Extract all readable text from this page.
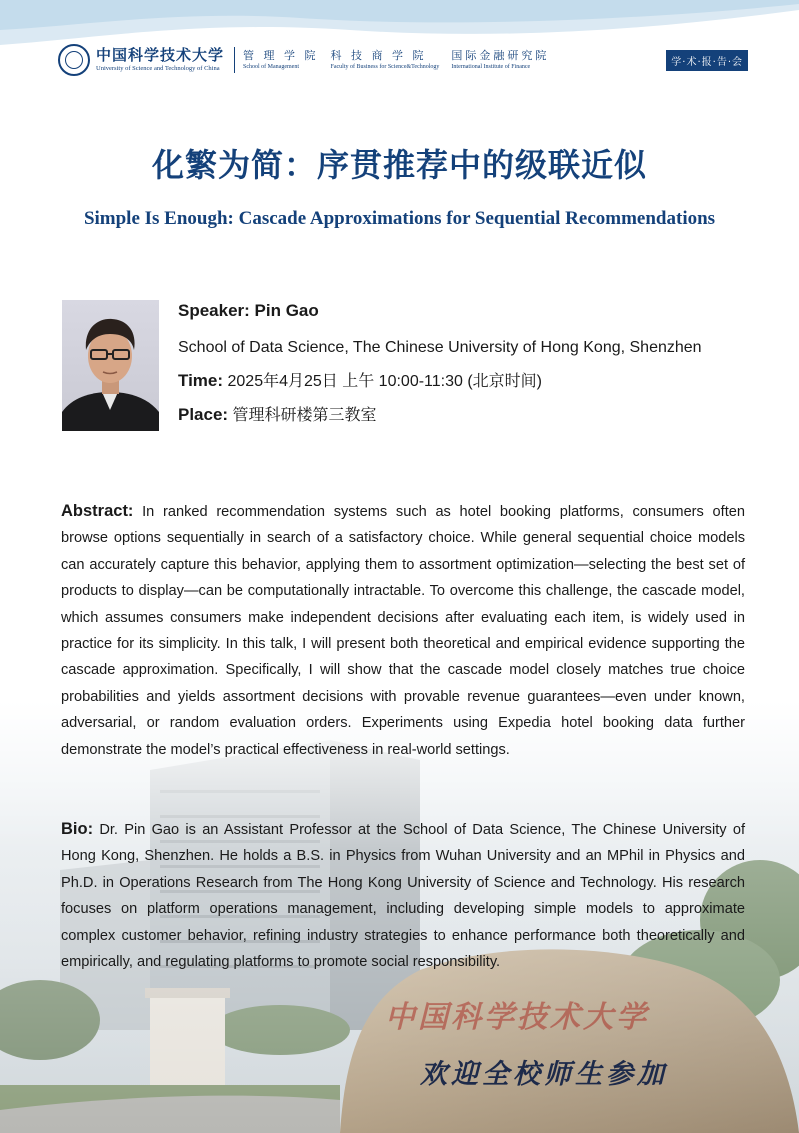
中国科学技术大学
University of Science and Technology of China
管 理 学 院
School of Management
科 技 商 学 院
Faculty of Business for Science&Technology
国际金融研究院
International Institute of Finance	学·术·报·告·会
化繁为简：序贯推荐中的级联近似
Simple Is Enough: Cascade Approximations for Sequential Recommendations
Speaker: Pin Gao
School of Data Science, The Chinese University of Hong Kong, Shenzhen
Time: 2025年4月25日 上午 10:00-11:30 (北京时间)
Place: 管理科研楼第三教室
Abstract: In ranked recommendation systems such as hotel booking platforms, consumers often browse options sequentially in search of a satisfactory choice. While general sequential choice models can accurately capture this behavior, applying them to assortment optimization—selecting the best set of products to display—can be computationally intractable. To overcome this challenge, the cascade model, which assumes consumers make independent decisions after evaluating each item, is widely used in practice for its simplicity. In this talk, I will present both theoretical and empirical evidence supporting the cascade approximation. Specifically, I will show that the cascade model closely matches true choice probabilities and yields assortment decisions with provable revenue guarantees—even under known, adversarial, or random evaluation orders. Experiments using Expedia hotel booking data further demonstrate the model’s practical effectiveness in real-world settings.
Bio: Dr. Pin Gao is an Assistant Professor at the School of Data Science, The Chinese University of Hong Kong, Shenzhen. He holds a B.S. in Physics from Wuhan University and an MPhil in Physics and Ph.D. in Operations Research from The Hong Kong University of Science and Technology. His research focuses on platform operations management, including developing simple models to approximate complex customer behavior, refining industry strategies to enhance performance both theoretically and empirically, and regulating platforms to promote social responsibility.
中国科学技术大学
欢迎全校师生参加
